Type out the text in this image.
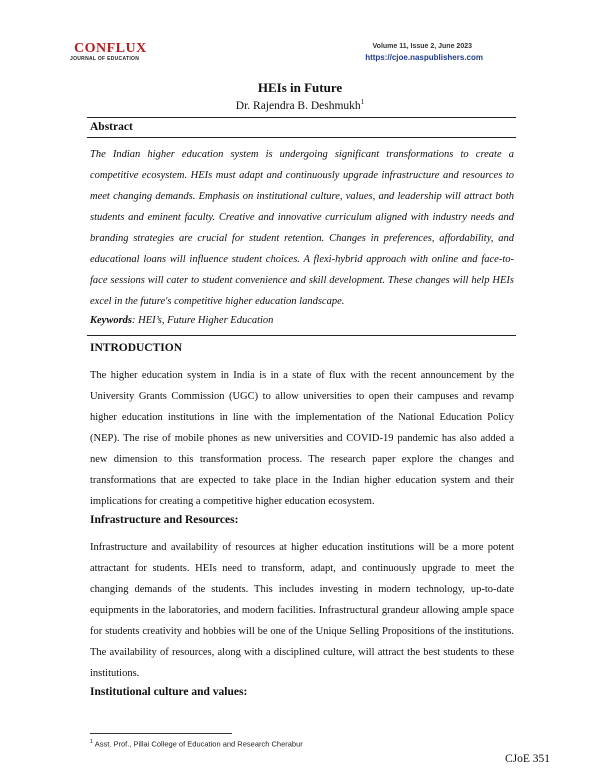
CONFLUX
JOURNAL OF EDUCATION
Volume 11, Issue 2, June 2023
https://cjoe.naspublishers.com
HEIs in Future
Dr. Rajendra B. Deshmukh$^1$
Abstract

The Indian higher education system is undergoing significant transformations to create a competitive ecosystem. HEIs must adapt and continuously upgrade infrastructure and resources to meet changing demands. Emphasis on institutional culture, values, and leadership will attract both students and eminent faculty. Creative and innovative curriculum aligned with industry needs and branding strategies are crucial for student retention. Changes in preferences, affordability, and educational loans will influence student choices. A flexi-hybrid approach with online and face-to-face sessions will cater to student convenience and skill development. These changes will help HEIs excel in the future's competitive higher education landscape.

Keywords: HEI’s, Future Higher Education
INTRODUCTION

The higher education system in India is in a state of flux with the recent announcement by the University Grants Commission (UGC) to allow universities to open their campuses and revamp higher education institutions in line with the implementation of the National Education Policy (NEP). The rise of mobile phones as new universities and COVID-19 pandemic has also added a new dimension to this transformation process. The research paper explore the changes and transformations that are expected to take place in the Indian higher education system and their implications for creating a competitive higher education ecosystem.

Infrastructure and Resources:

Infrastructure and availability of resources at higher education institutions will be a more potent attractant for students. HEIs need to transform, adapt, and continuously upgrade to meet the changing demands of the students. This includes investing in modern technology, up-to-date equipments in the laboratories, and modern facilities. Infrastructural grandeur allowing ample space for students creativity and hobbies will be one of the Unique Selling Propositions of the institutions. The availability of resources, along with a disciplined culture, will attract the best students to these institutions.

Institutional culture and values:
$^1$ Asst. Prof., Pillai College of Education and Research Cherabur
CJoE 351
